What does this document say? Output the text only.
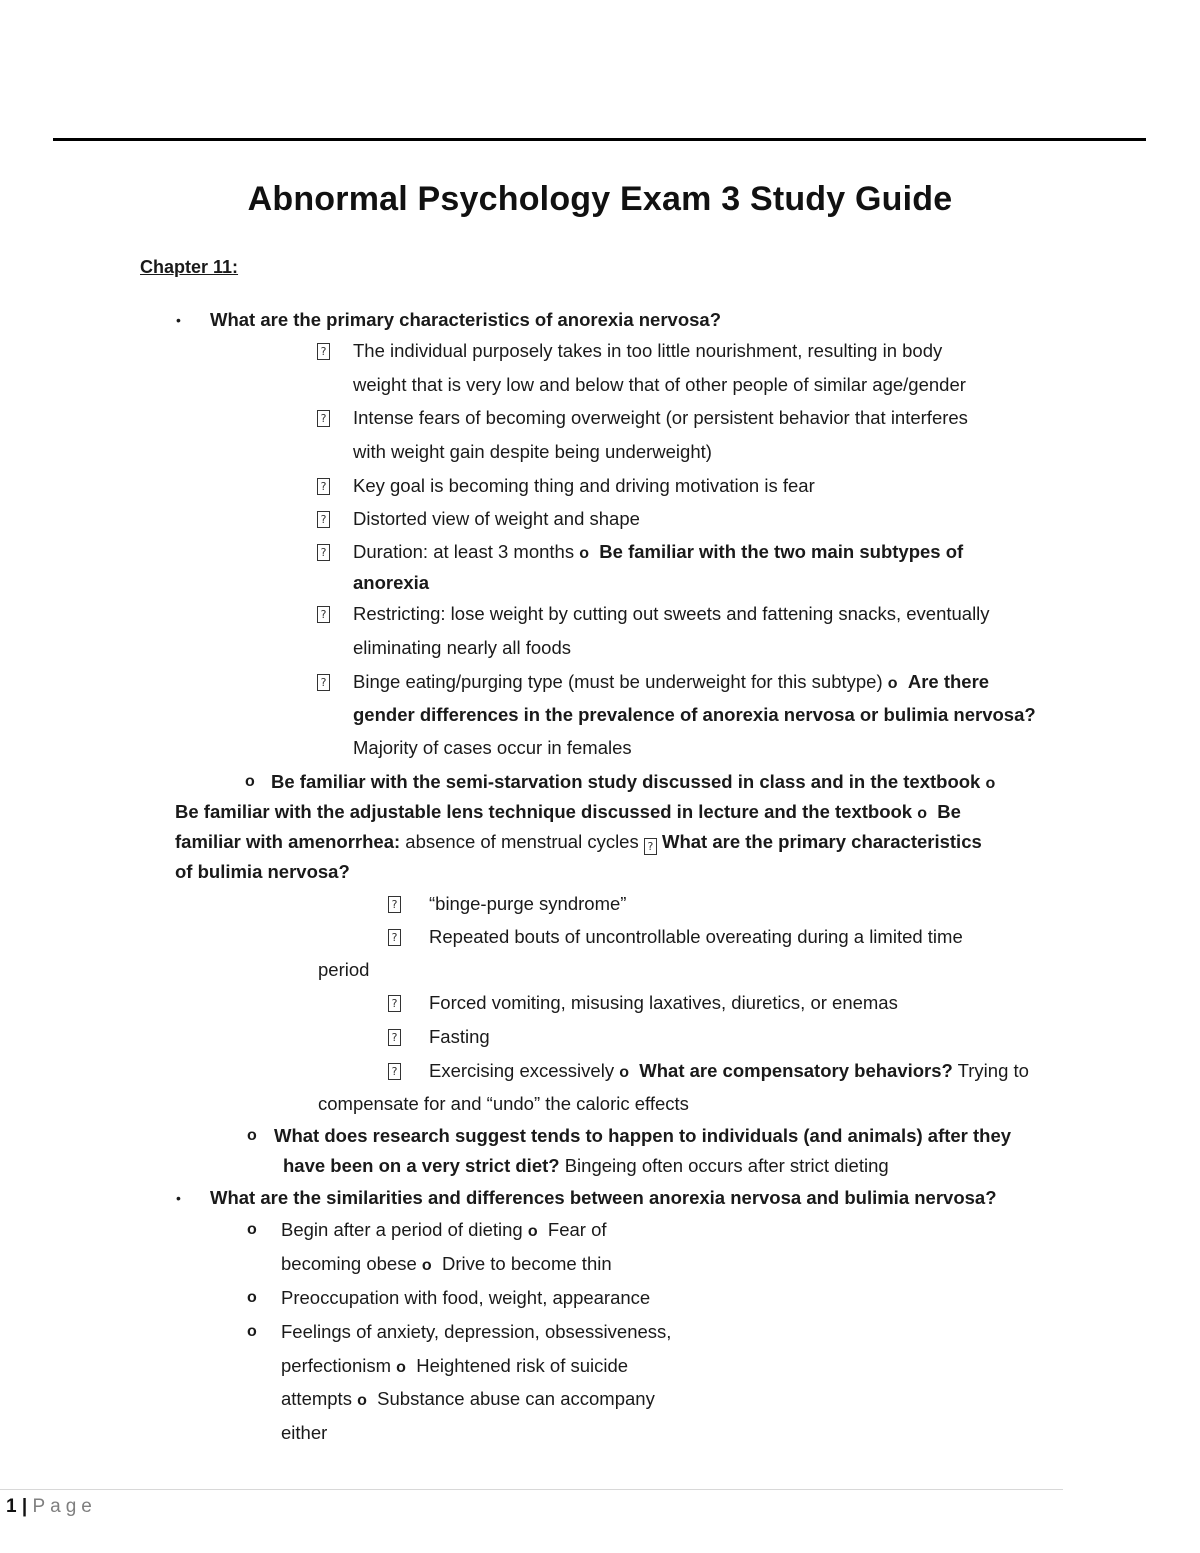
Abnormal Psychology Exam 3 Study Guide
Chapter 11:
• What are the primary characteristics of anorexia nervosa?
? The individual purposely takes in too little nourishment, resulting in body
weight that is very low and below that of other people of similar age/gender
? Intense fears of becoming overweight (or persistent behavior that interferes
with weight gain despite being underweight)
? Key goal is becoming thing and driving motivation is fear
? Distorted view of weight and shape
? Duration: at least 3 months o Be familiar with the two main subtypes of
anorexia
? Restricting: lose weight by cutting out sweets and fattening snacks, eventually
eliminating nearly all foods
? Binge eating/purging type (must be underweight for this subtype) o Are there
gender differences in the prevalence of anorexia nervosa or bulimia nervosa?
Majority of cases occur in females
o Be familiar with the semi-starvation study discussed in class and in the textbook o
Be familiar with the adjustable lens technique discussed in lecture and the textbook o Be
familiar with amenorrhea: absence of menstrual cycles ? What are the primary characteristics
of bulimia nervosa?
? “binge-purge syndrome”
? Repeated bouts of uncontrollable overeating during a limited time
period
? Forced vomiting, misusing laxatives, diuretics, or enemas
? Fasting
? Exercising excessively o What are compensatory behaviors? Trying to
compensate for and “undo” the caloric effects
o What does research suggest tends to happen to individuals (and animals) after they
have been on a very strict diet? Bingeing often occurs after strict dieting
• What are the similarities and differences between anorexia nervosa and bulimia nervosa?
o Begin after a period of dieting o Fear of
becoming obese o Drive to become thin
o Preoccupation with food, weight, appearance
o Feelings of anxiety, depression, obsessiveness,
perfectionism o Heightened risk of suicide
attempts o Substance abuse can accompany
either
1 | Page
